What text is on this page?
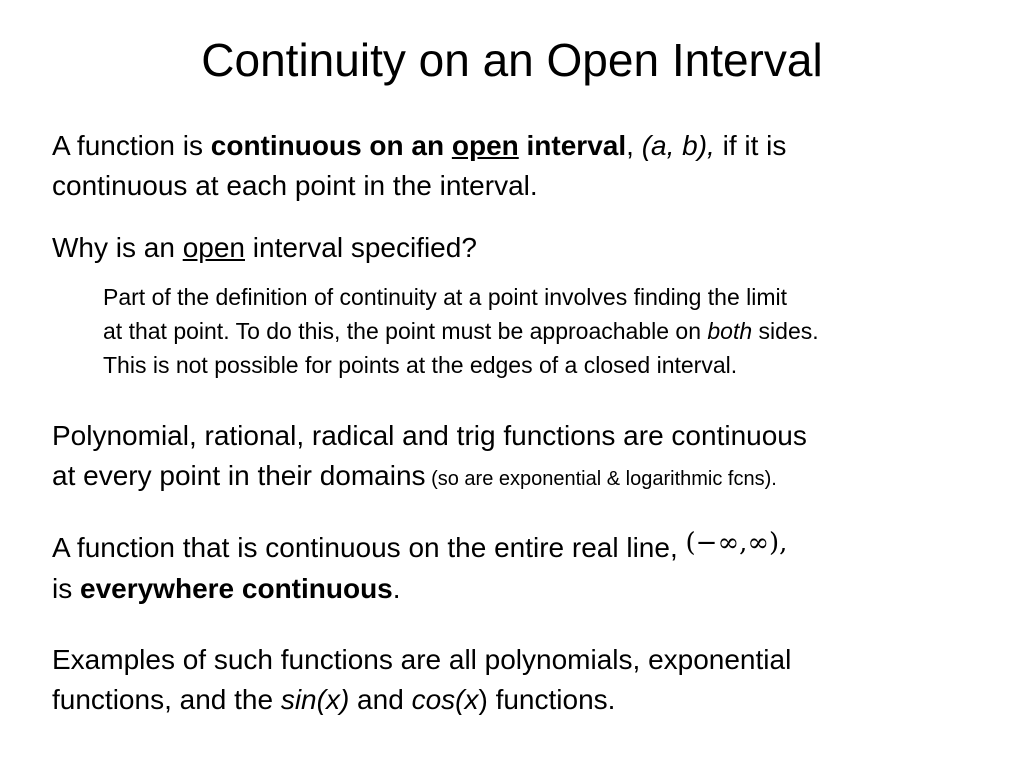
Continuity on an Open Interval

A function is continuous on an open interval, (a, b), if it is
continuous at each point in the interval.

Why is an open interval specified?

Part of the definition of continuity at a point involves finding the limit
at that point. To do this, the point must be approachable on both sides.
This is not possible for points at the edges of a closed interval.

Polynomial, rational, radical and trig functions are continuous
at every point in their domains (so are exponential & logarithmic fcns).

A function that is continuous on the entire real line, (−∞,∞),
is everywhere continuous.

Examples of such functions are all polynomials, exponential
functions, and the sin(x) and cos(x) functions.
